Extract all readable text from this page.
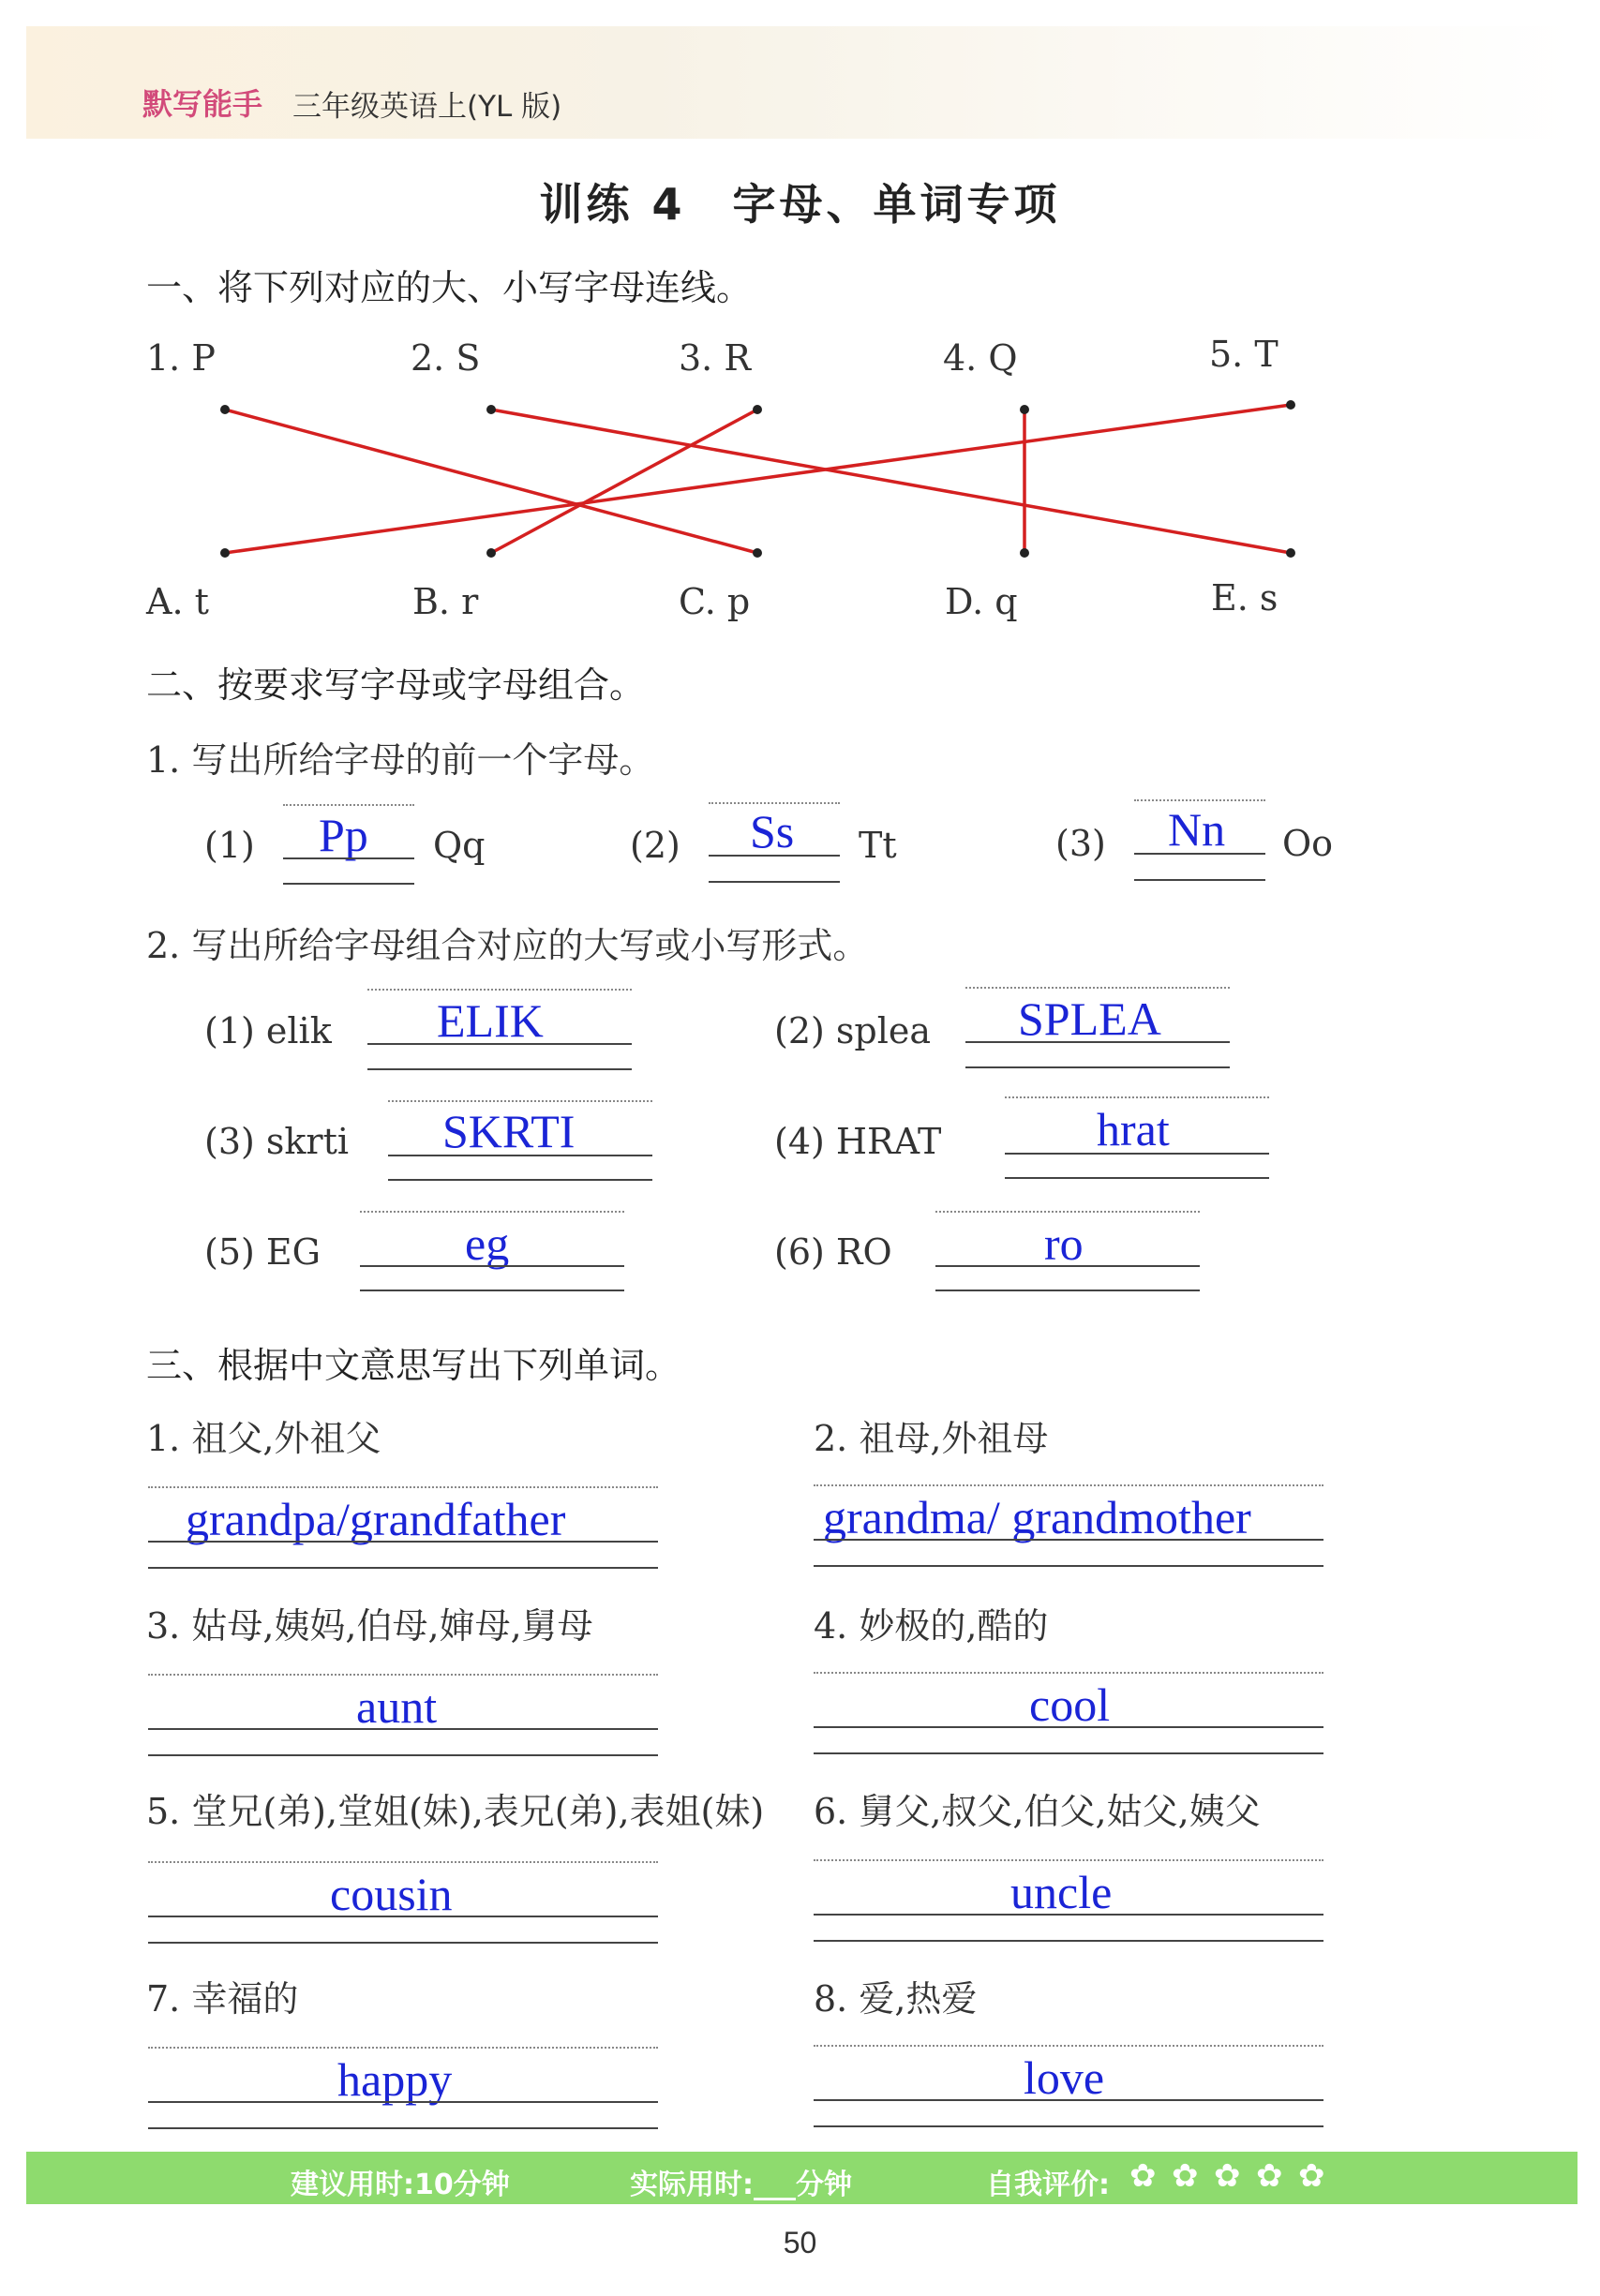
默写能手 三年级英语上(YL 版)
训练 4　字母、单词专项
一、将下列对应的大、小写字母连线。
1. P	2. S	3. R	4. Q	5. T
A. t	B. r	C. p	D. q	E. s
二、按要求写字母或字母组合。
1. 写出所给字母的前一个字母。
(1) Pp Qq	(2) Ss Tt	(3) Nn Oo
2. 写出所给字母组合对应的大写或小写形式。
(1) elik ELIK	(2) splea SPLEA
(3) skrti SKRTI	(4) HRAT	hrat
(5) EG	eg	(6) RO	ro
三、根据中文意思写出下列单词。
1. 祖父,外祖父
grandpa/grandfather
2. 祖母,外祖母
grandma/ grandmother
3. 姑母,姨妈,伯母,婶母,舅母
aunt
4. 妙极的,酷的
cool
5. 堂兄(弟),堂姐(妹),表兄(弟),表姐(妹)
cousin
6. 舅父,叔父,伯父,姑父,姨父
uncle
7. 幸福的
happy
8. 爱,热爱
love
建议用时:10分钟	实际用时:___分钟	自我评价: ✿ ✿ ✿ ✿ ✿
50
